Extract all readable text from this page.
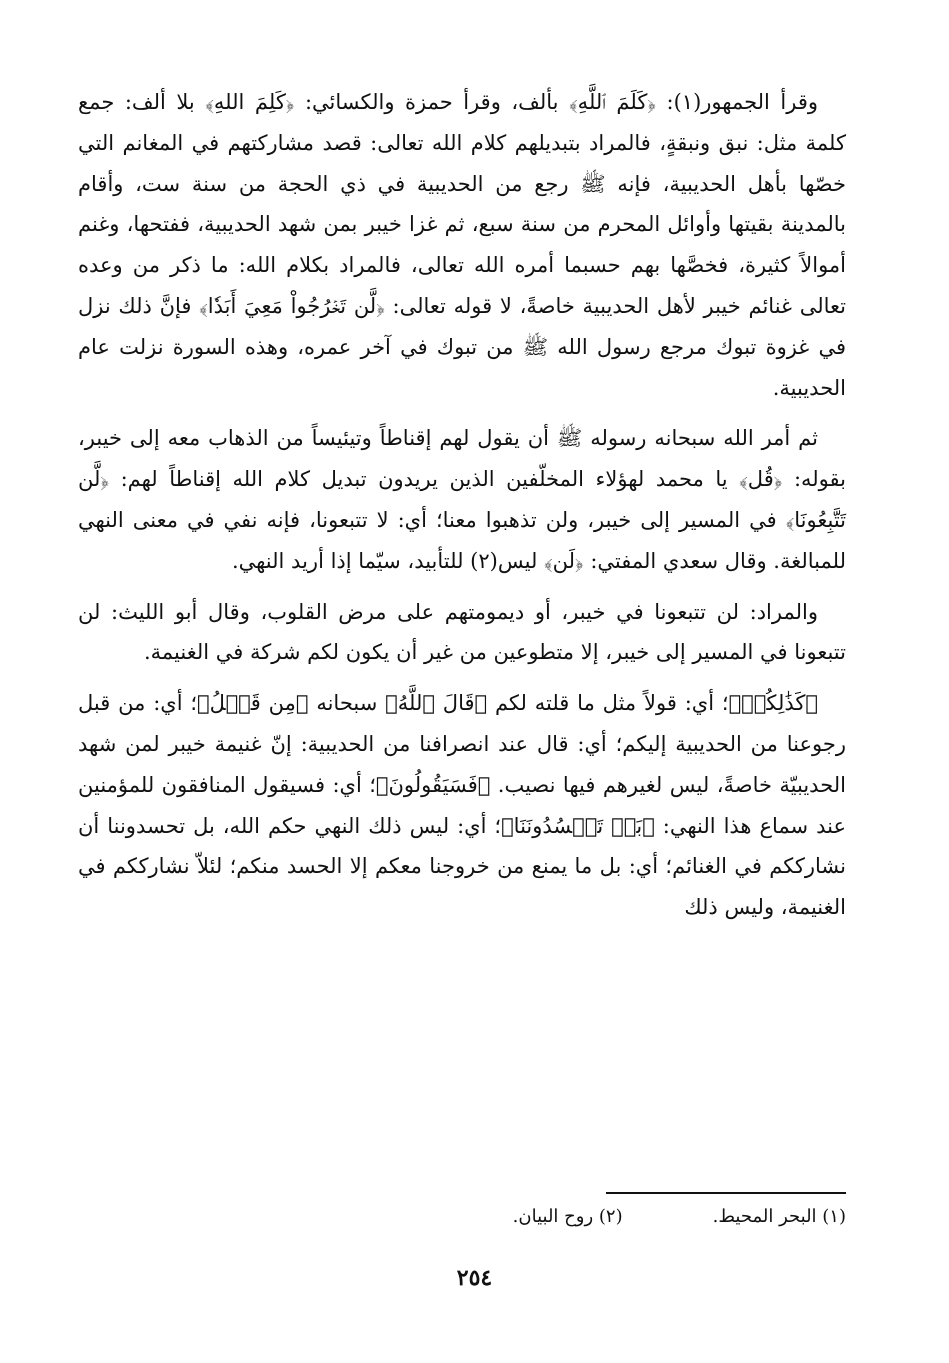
وقرأ الجمهور(١): ﴿كَلَمَ ٱللَّهِ﴾ بألف، وقرأ حمزة والكسائي: ﴿كَلِمَ اللهِ﴾ بلا ألف: جمع كلمة مثل: نبق ونبقةٍ، فالمراد بتبديلهم كلام الله تعالى: قصد مشاركتهم في المغانم التي خصّها بأهل الحديبية، فإنه ﷺ رجع من الحديبية في ذي الحجة من سنة ست، وأقام بالمدينة بقيتها وأوائل المحرم من سنة سبع، ثم غزا خيبر بمن شهد الحديبية، ففتحها، وغنم أموالاً كثيرة، فخصَّها بهم حسبما أمره الله تعالى، فالمراد بكلام الله: ما ذكر من وعده تعالى غنائم خيبر لأهل الحديبية خاصةً، لا قوله تعالى: ﴿لَّن تَخۡرُجُواْ مَعِيَ أَبَدٗا﴾ فإنَّ ذلك نزل في غزوة تبوك مرجع رسول الله ﷺ من تبوك في آخر عمره، وهذه السورة نزلت عام الحديبية.

ثم أمر الله سبحانه رسوله ﷺ أن يقول لهم إقناطاً وتيئيساً من الذهاب معه إلى خيبر، بقوله: ﴿قُل﴾ يا محمد لهؤلاء المخلّفين الذين يريدون تبديل كلام الله إقناطاً لهم: ﴿لَّن تَتَّبِعُونَا﴾ في المسير إلى خيبر، ولن تذهبوا معنا؛ أي: لا تتبعونا، فإنه نفي في معنى النهي للمبالغة. وقال سعدي المفتي: ﴿لَن﴾ ليس(٢) للتأبيد، سيّما إذا أريد النهي.

والمراد: لن تتبعونا في خيبر، أو ديمومتهم على مرض القلوب، وقال أبو الليث: لن تتبعونا في المسير إلى خيبر، إلا متطوعين من غير أن يكون لكم شركة في الغنيمة.

﴿كَذَٰلِكُمۡ﴾؛ أي: قولاً مثل ما قلته لكم ﴿قَالَ ٱللَّهُ﴾ سبحانه ﴿مِن قَبۡلُ﴾؛ أي: من قبل رجوعنا من الحديبية إليكم؛ أي: قال عند انصرافنا من الحديبية: إنّ غنيمة خيبر لمن شهد الحديبيّة خاصةً، ليس لغيرهم فيها نصيب. ﴿فَسَيَقُولُونَ﴾؛ أي: فسيقول المنافقون للمؤمنين عند سماع هذا النهي: ﴿بَلۡ تَحۡسُدُونَنَا﴾؛ أي: ليس ذلك النهي حكم الله، بل تحسدوننا أن نشارككم في الغنائم؛ أي: بل ما يمنع من خروجنا معكم إلا الحسد منكم؛ لئلاّ نشارككم في الغنيمة، وليس ذلك

(١) البحر المحيط.
(٢) روح البيان.
٢٥٤
